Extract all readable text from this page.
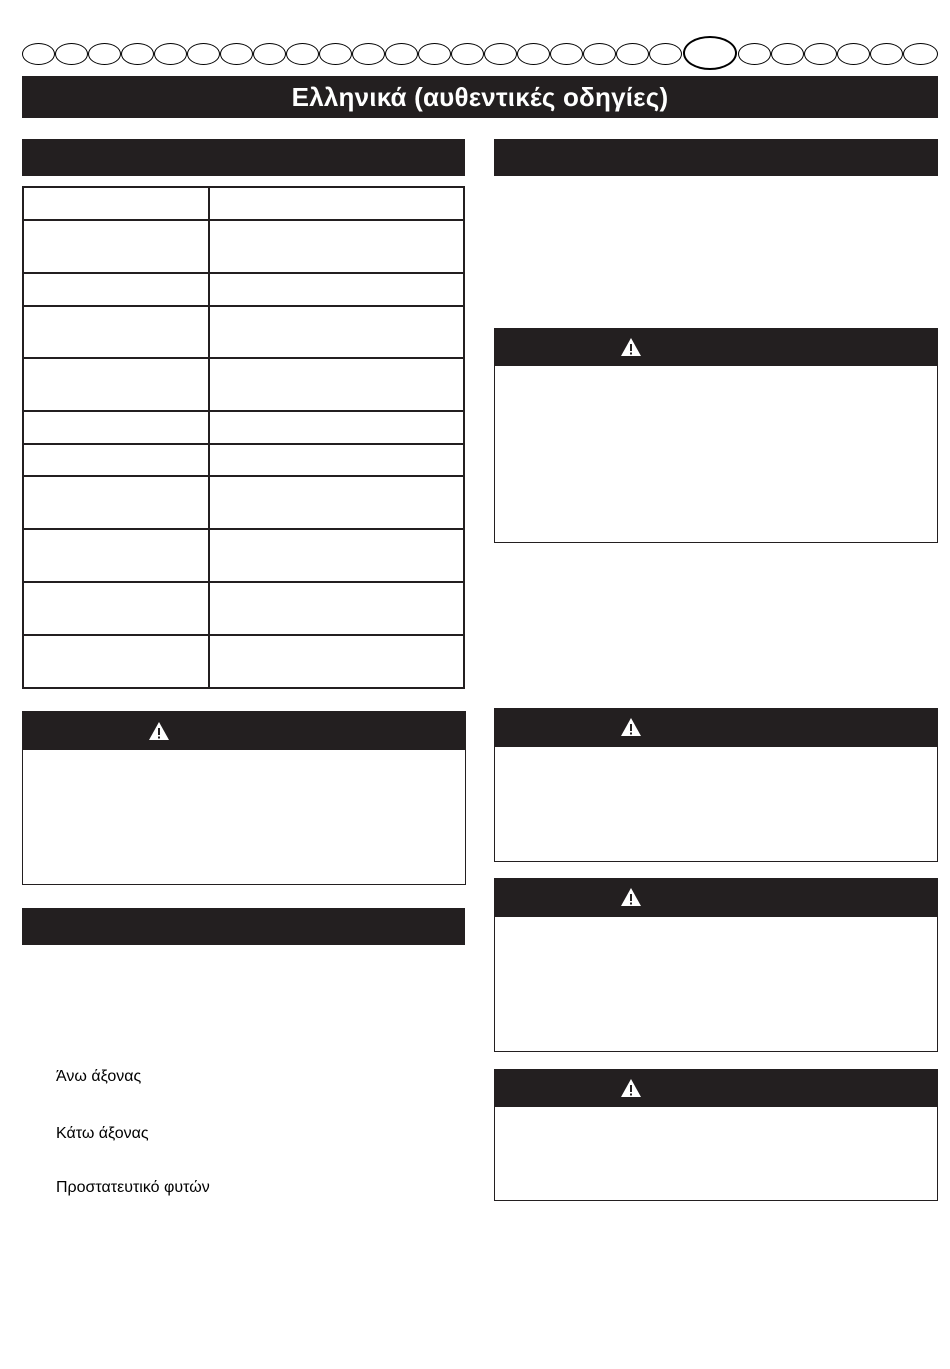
Ελληνικά (αυθεντικές οδηγίες)

Άνω άξονας
Κάτω άξονας
Προστατευτικό φυτών
